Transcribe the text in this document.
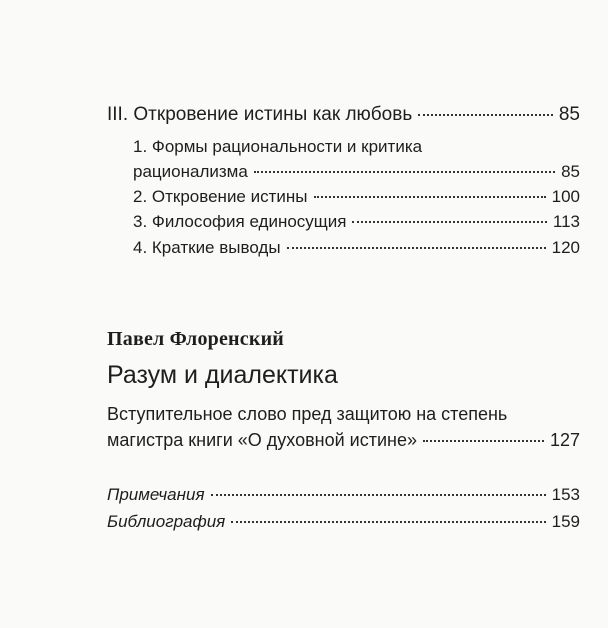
III. Откровение истины как любовь	85
1. Формы рациональности и критика
рационализма	85
2. Откровение истины	100
3. Философия единосущия	113
4. Краткие выводы	120
Павел Флоренский
Разум и диалектика
Вступительное слово пред защитою на степень
магистра книги «О духовной истине»	127
Примечания	153
Библиография	159
